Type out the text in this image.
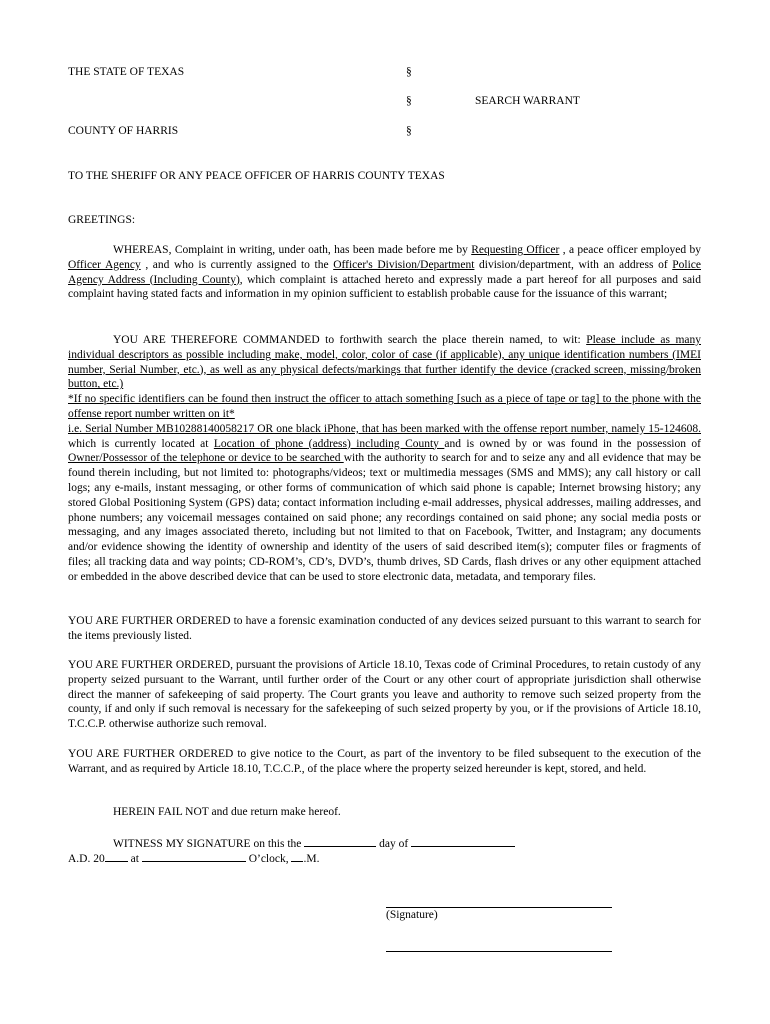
THE STATE OF TEXAS	§
§	SEARCH WARRANT
COUNTY OF HARRIS	§
TO THE SHERIFF OR ANY PEACE OFFICER OF HARRIS COUNTY TEXAS
GREETINGS:
WHEREAS, Complaint in writing, under oath, has been made before me by Requesting Officer , a peace officer employed by Officer Agency , and who is currently assigned to the Officer's Division/Department division/department, with an address of Police Agency Address (Including County), which complaint is attached hereto and expressly made a part hereof for all purposes and said complaint having stated facts and information in my opinion sufficient to establish probable cause for the issuance of this warrant;
YOU ARE THEREFORE COMMANDED to forthwith search the place therein named, to wit: Please include as many individual descriptors as possible including make, model, color, color of case (if applicable), any unique identification numbers (IMEI number, Serial Number, etc.), as well as any physical defects/markings that further identify the device (cracked screen, missing/broken button, etc.)
*If no specific identifiers can be found then instruct the officer to attach something [such as a piece of tape or tag] to the phone with the offense report number written on it*
i.e. Serial Number MB10288140058217 OR one black iPhone, that has been marked with the offense report number, namely 15-124608. which is currently located at Location of phone (address) including County and is owned by or was found in the possession of Owner/Possessor of the telephone or device to be searched with the authority to search for and to seize any and all evidence that may be found therein including, but not limited to: photographs/videos; text or multimedia messages (SMS and MMS); any call history or call logs; any e-mails, instant messaging, or other forms of communication of which said phone is capable; Internet browsing history; any stored Global Positioning System (GPS) data; contact information including e-mail addresses, physical addresses, mailing addresses, and phone numbers; any voicemail messages contained on said phone; any recordings contained on said phone; any social media posts or messaging, and any images associated thereto, including but not limited to that on Facebook, Twitter, and Instagram; any documents and/or evidence showing the identity of ownership and identity of the users of said described item(s); computer files or fragments of files; all tracking data and way points; CD-ROM’s, CD’s, DVD’s, thumb drives, SD Cards, flash drives or any other equipment attached or embedded in the above described device that can be used to store electronic data, metadata, and temporary files.
YOU ARE FURTHER ORDERED to have a forensic examination conducted of any devices seized pursuant to this warrant to search for the items previously listed.
YOU ARE FURTHER ORDERED, pursuant the provisions of Article 18.10, Texas code of Criminal Procedures, to retain custody of any property seized pursuant to the Warrant, until further order of the Court or any other court of appropriate jurisdiction shall otherwise direct the manner of safekeeping of said property. The Court grants you leave and authority to remove such seized property from the county, if and only if such removal is necessary for the safekeeping of such seized property by you, or if the provisions of Article 18.10, T.C.C.P. otherwise authorize such removal.
YOU ARE FURTHER ORDERED to give notice to the Court, as part of the inventory to be filed subsequent to the execution of the Warrant, and as required by Article 18.10, T.C.C.P., of the place where the property seized hereunder is kept, stored, and held.
HEREIN FAIL NOT and due return make hereof.
WITNESS MY SIGNATURE on this the	day of
A.D. 20 at	O’clock, .M.
(Signature)
